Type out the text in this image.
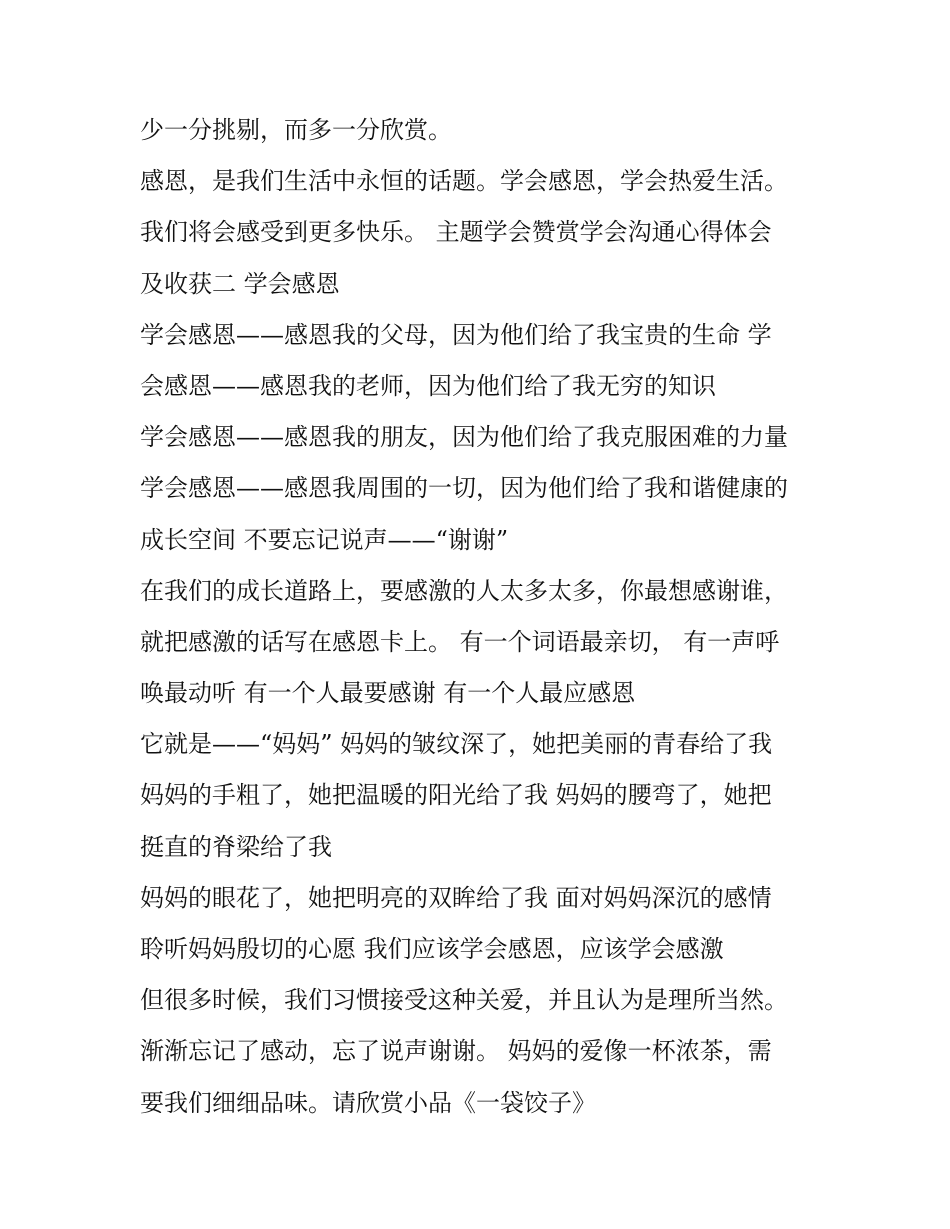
少一分挑剔，而多一分欣赏。
感恩，是我们生活中永恒的话题。学会感恩，学会热爱生活。
我们将会感受到更多快乐。 主题学会赞赏学会沟通心得体会
及收获二 学会感恩
学会感恩——感恩我的父母，因为他们给了我宝贵的生命 学
会感恩——感恩我的老师，因为他们给了我无穷的知识
学会感恩——感恩我的朋友，因为他们给了我克服困难的力量
学会感恩——感恩我周围的一切，因为他们给了我和谐健康的
成长空间 不要忘记说声——“谢谢”
在我们的成长道路上，要感激的人太多太多，你最想感谢谁，
就把感激的话写在感恩卡上。 有一个词语最亲切， 有一声呼
唤最动听 有一个人最要感谢 有一个人最应感恩
它就是——“妈妈” 妈妈的皱纹深了，她把美丽的青春给了我
妈妈的手粗了，她把温暖的阳光给了我 妈妈的腰弯了，她把
挺直的脊梁给了我
妈妈的眼花了，她把明亮的双眸给了我 面对妈妈深沉的感情
聆听妈妈殷切的心愿 我们应该学会感恩，应该学会感激
但很多时候，我们习惯接受这种关爱，并且认为是理所当然。
渐渐忘记了感动，忘了说声谢谢。 妈妈的爱像一杯浓茶，需
要我们细细品味。请欣赏小品《一袋饺子》
